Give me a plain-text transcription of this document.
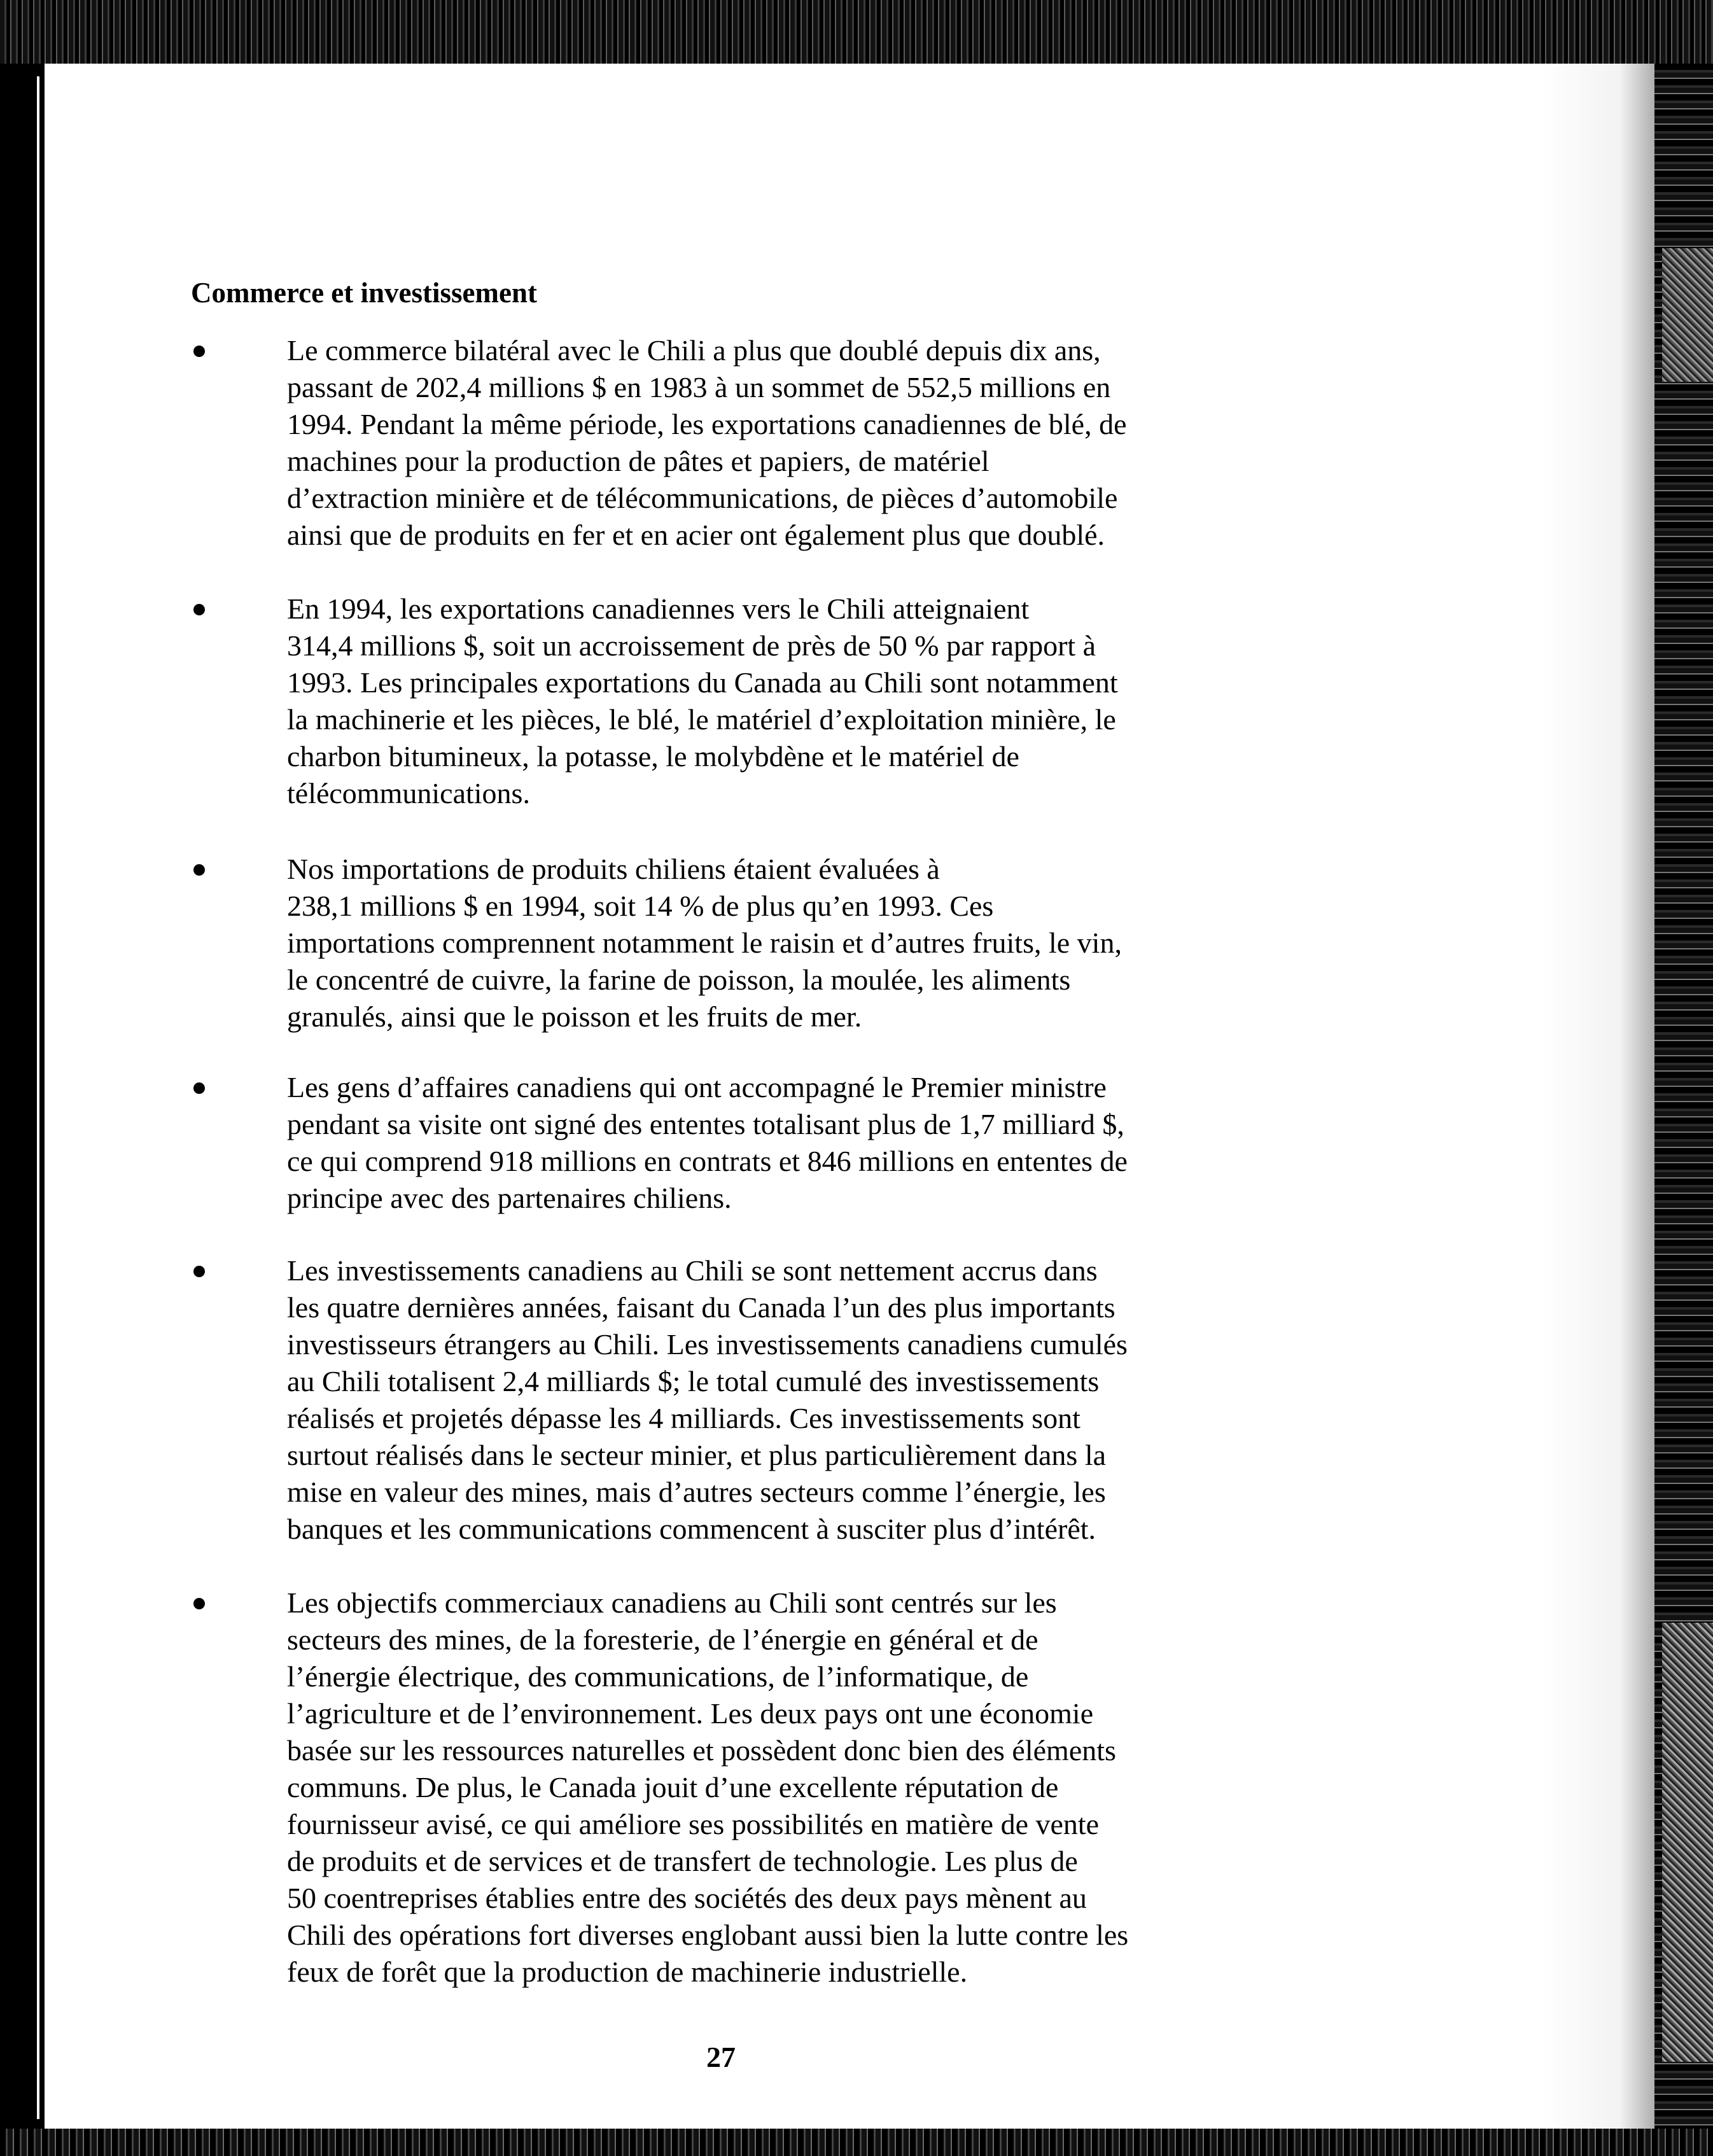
Commerce et investissement
Le commerce bilatéral avec le Chili a plus que doublé depuis dix ans,
passant de 202,4 millions $ en 1983 à un sommet de 552,5 millions en
1994. Pendant la même période, les exportations canadiennes de blé, de
machines pour la production de pâtes et papiers, de matériel
d’extraction minière et de télécommunications, de pièces d’automobile
ainsi que de produits en fer et en acier ont également plus que doublé.
En 1994, les exportations canadiennes vers le Chili atteignaient
314,4 millions $, soit un accroissement de près de 50 % par rapport à
1993. Les principales exportations du Canada au Chili sont notamment
la machinerie et les pièces, le blé, le matériel d’exploitation minière, le
charbon bitumineux, la potasse, le molybdène et le matériel de
télécommunications.
Nos importations de produits chiliens étaient évaluées à
238,1 millions $ en 1994, soit 14 % de plus qu’en 1993. Ces
importations comprennent notamment le raisin et d’autres fruits, le vin,
le concentré de cuivre, la farine de poisson, la moulée, les aliments
granulés, ainsi que le poisson et les fruits de mer.
Les gens d’affaires canadiens qui ont accompagné le Premier ministre
pendant sa visite ont signé des ententes totalisant plus de 1,7 milliard $,
ce qui comprend 918 millions en contrats et 846 millions en ententes de
principe avec des partenaires chiliens.
Les investissements canadiens au Chili se sont nettement accrus dans
les quatre dernières années, faisant du Canada l’un des plus importants
investisseurs étrangers au Chili. Les investissements canadiens cumulés
au Chili totalisent 2,4 milliards $; le total cumulé des investissements
réalisés et projetés dépasse les 4 milliards. Ces investissements sont
surtout réalisés dans le secteur minier, et plus particulièrement dans la
mise en valeur des mines, mais d’autres secteurs comme l’énergie, les
banques et les communications commencent à susciter plus d’intérêt.
Les objectifs commerciaux canadiens au Chili sont centrés sur les
secteurs des mines, de la foresterie, de l’énergie en général et de
l’énergie électrique, des communications, de l’informatique, de
l’agriculture et de l’environnement. Les deux pays ont une économie
basée sur les ressources naturelles et possèdent donc bien des éléments
communs. De plus, le Canada jouit d’une excellente réputation de
fournisseur avisé, ce qui améliore ses possibilités en matière de vente
de produits et de services et de transfert de technologie. Les plus de
50 coentreprises établies entre des sociétés des deux pays mènent au
Chili des opérations fort diverses englobant aussi bien la lutte contre les
feux de forêt que la production de machinerie industrielle.
27
